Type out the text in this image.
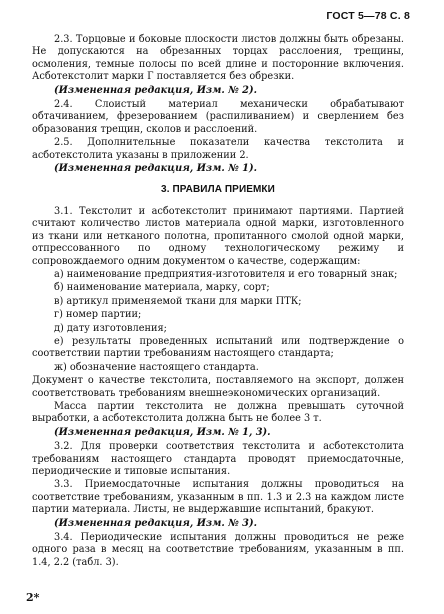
ГОСТ 5—78 С. 8

2.3. Торцовые и боковые плоскости листов должны быть обрезаны. Не допускаются на обрезанных торцах расслоения, трещины, осмоления, темные полосы по всей длине и посторонние включения. Асботекстолит марки Г поставляется без обрезки.

(Измененная редакция, Изм. № 2).

2.4. Слоистый материал механически обрабатывают обтачиванием, фрезерованием (распиливанием) и сверлением без образования трещин, сколов и расслоений.

2.5. Дополнительные показатели качества текстолита и асботекстолита указаны в приложении 2.

(Измененная редакция, Изм. № 1).

3. ПРАВИЛА ПРИЕМКИ

3.1. Текстолит и асботекстолит принимают партиями. Партией считают количество листов материала одной марки, изготовленного из ткани или нетканого полотна, пропитанного смолой одной марки, отпрессованного по одному технологическому режиму и сопровождаемого одним документом о качестве, содержащим:

а) наименование предприятия-изготовителя и его товарный знак;

б) наименование материала, марку, сорт;

в) артикул применяемой ткани для марки ПТК;

г) номер партии;

д) дату изготовления;

е) результаты проведенных испытаний или подтверждение о соответствии партии требованиям настоящего стандарта;

ж) обозначение настоящего стандарта.

Документ о качестве текстолита, поставляемого на экспорт, должен соответствовать требованиям внешнеэкономических организаций.

Масса партии текстолита не должна превышать суточной выработки, а асботекстолита должна быть не более 3 т.

(Измененная редакция, Изм. № 1, 3).

3.2. Для проверки соответствия текстолита и асботекстолита требованиям настоящего стандарта проводят приемосдаточные, периодические и типовые испытания.

3.3. Приемосдаточные испытания должны проводиться на соответствие требованиям, указанным в пп. 1.3 и 2.3 на каждом листе партии материала. Листы, не выдержавшие испытаний, бракуют.

(Измененная редакция, Изм. № 3).

3.4. Периодические испытания должны проводиться не реже одного раза в месяц на соответствие требованиям, указанным в пп. 1.4, 2.2 (табл. 3).

2*
